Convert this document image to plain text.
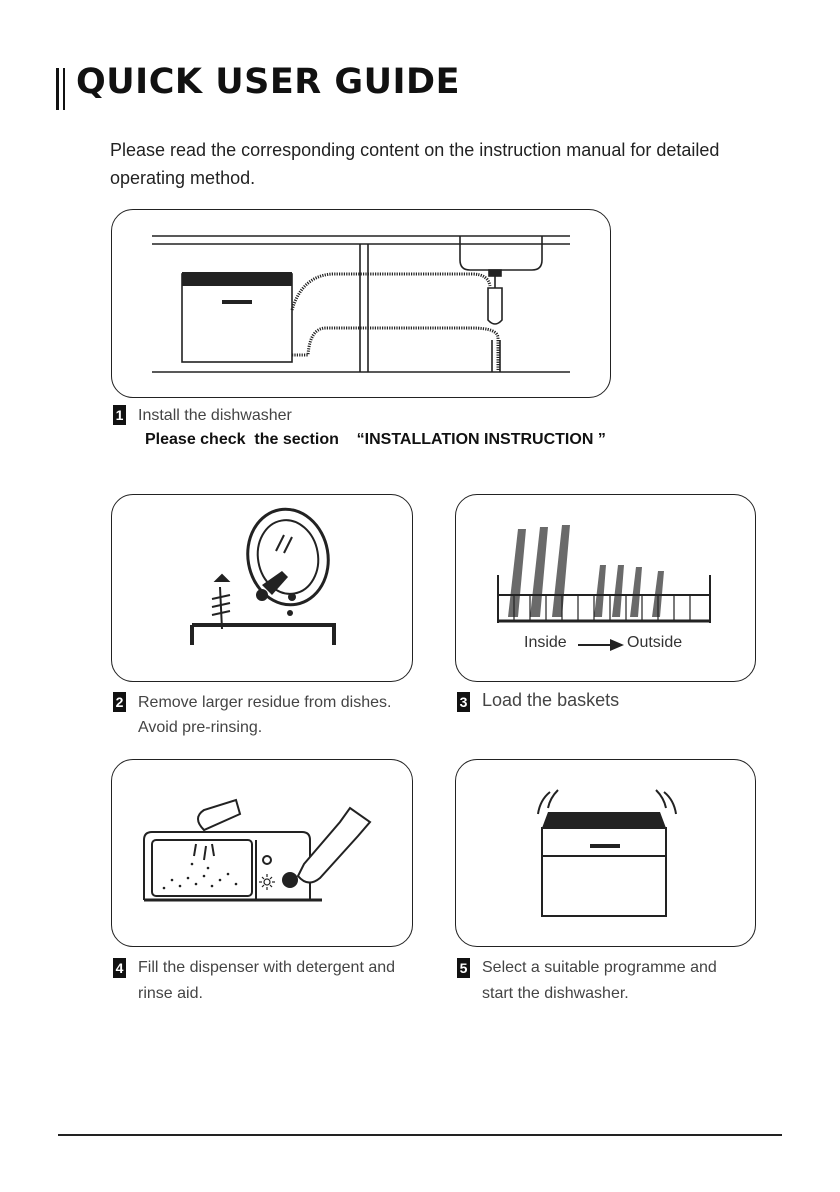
QUICK USER GUIDE

Please read the corresponding content on the instruction manual for detailed operating method.

1 Install the dishwasher

Please check  the section    “INSTALLATION INSTRUCTION ”

2 Remove larger residue from dishes.

Avoid pre-rinsing.

Inside	Outside
3 Load the baskets

4 Fill the dispenser with detergent and

rinse aid.

5 Select a suitable programme and

start the dishwasher.
